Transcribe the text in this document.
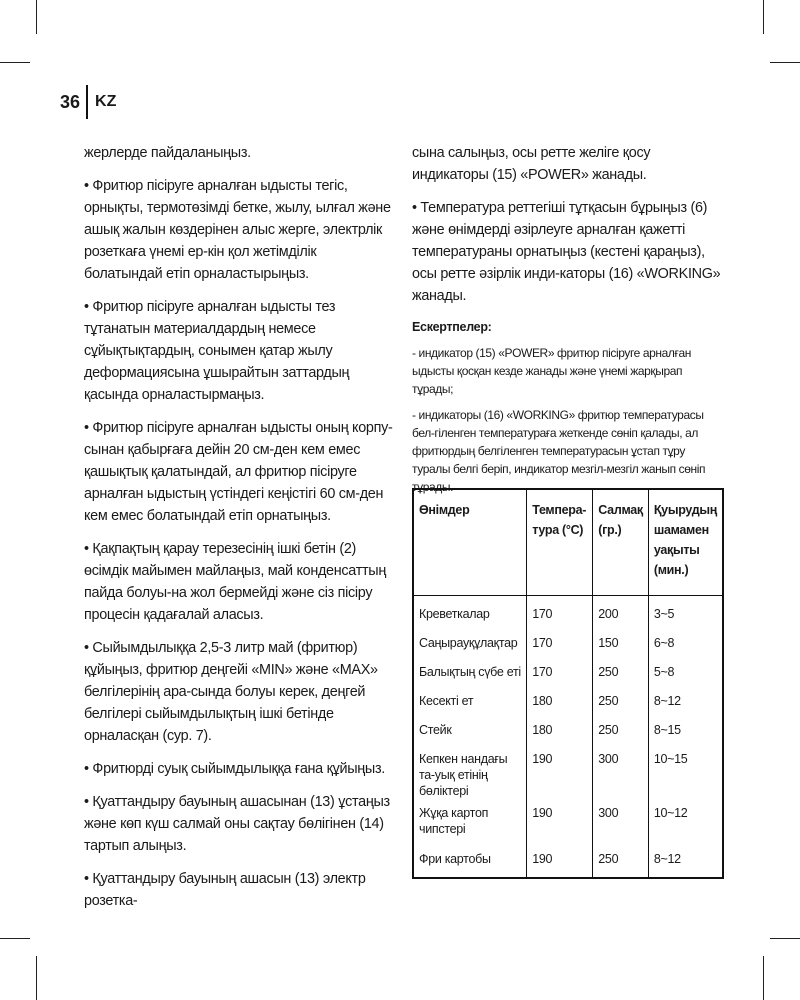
36 KZ

жерлерде пайдаланыңыз.

• Фритюр пісіруге арналған ыдысты тегіс, орнықты, термотөзімді бетке, жылу, ылғал және ашық жалын көздерінен алыс жерге, электрлік розеткаға үнемі ер-кін қол жетімділік болатындай етіп орналастырыңыз.

• Фритюр пісіруге арналған ыдысты тез тұтанатын материалдардың немесе сұйықтықтардың, сонымен қатар жылу деформациясына ұшырайтын заттардың қасында орналастырмаңыз.

• Фритюр пісіруге арналған ыдысты оның корпу-сынан қабырғаға дейін 20 см-ден кем емес қашықтық қалатындай, ал фритюр пісіруге арналған ыдыстың үстіндегі кеңістігі 60 см-ден кем емес болатындай етіп орнатыңыз.

• Қақпақтың қарау терезесінің ішкі бетін (2) өсімдік майымен майлаңыз, май конденсаттың пайда болуы-на жол бермейді және сіз пісіру процесін қадағалай аласыз.

• Сыйымдылыққа 2,5-3 литр май (фритюр) құйыңыз, фритюр деңгейі «MIN» және «MAX» белгілерінің ара-сында болуы керек, деңгей белгілері сыйымдылықтың ішкі бетінде орналасқан (сур. 7).

• Фритюрді суық сыйымдылыққа ғана құйыңыз.

• Қуаттандыру бауының ашасынан (13) ұстаңыз және көп күш салмай оны сақтау бөлігінен (14) тартып алыңыз.

• Қуаттандыру бауының ашасын (13) электр розетка-

сына салыңыз, осы ретте желіге қосу индикаторы (15) «POWER» жанады.

• Температура реттегіші тұтқасын бұрыңыз (6) және өнімдерді әзірлеуге арналған қажетті температураны орнатыңыз (кестені қараңыз), осы ретте әзірлік инди-каторы (16) «WORKING» жанады.

Ескертпелер:
- индикатор (15) «POWER» фритюр пісіруге арналған ыдысты қосқан кезде жанады және үнемі жарқырап тұрады;
- индикаторы (16) «WORKING» фритюр температурасы бел-гіленген температураға жеткенде сөніп қалады, ал фритюрдың белгіленген температурасын ұстап тұру туралы белгі беріп, индикатор мезгіл-мезгіл жанып сөніп тұрады.
Өнімдер	Темпера-тура (°С)	Салмақ (гр.)	Қуырудың шамамен уақыты (мин.)
Креветкалар	170	200	3~5
Саңырауқұлақтар	170	150	6~8
Балықтың сүбе еті	170	250	5~8
Кесекті ет	180	250	8~12
Стейк	180	250	8~15
Кепкен нандағы та-уық етінің бөліктері	190	300	10~15
Жұқа картоп чипстері	190	300	10~12
Фри картобы	190	250	8~12
